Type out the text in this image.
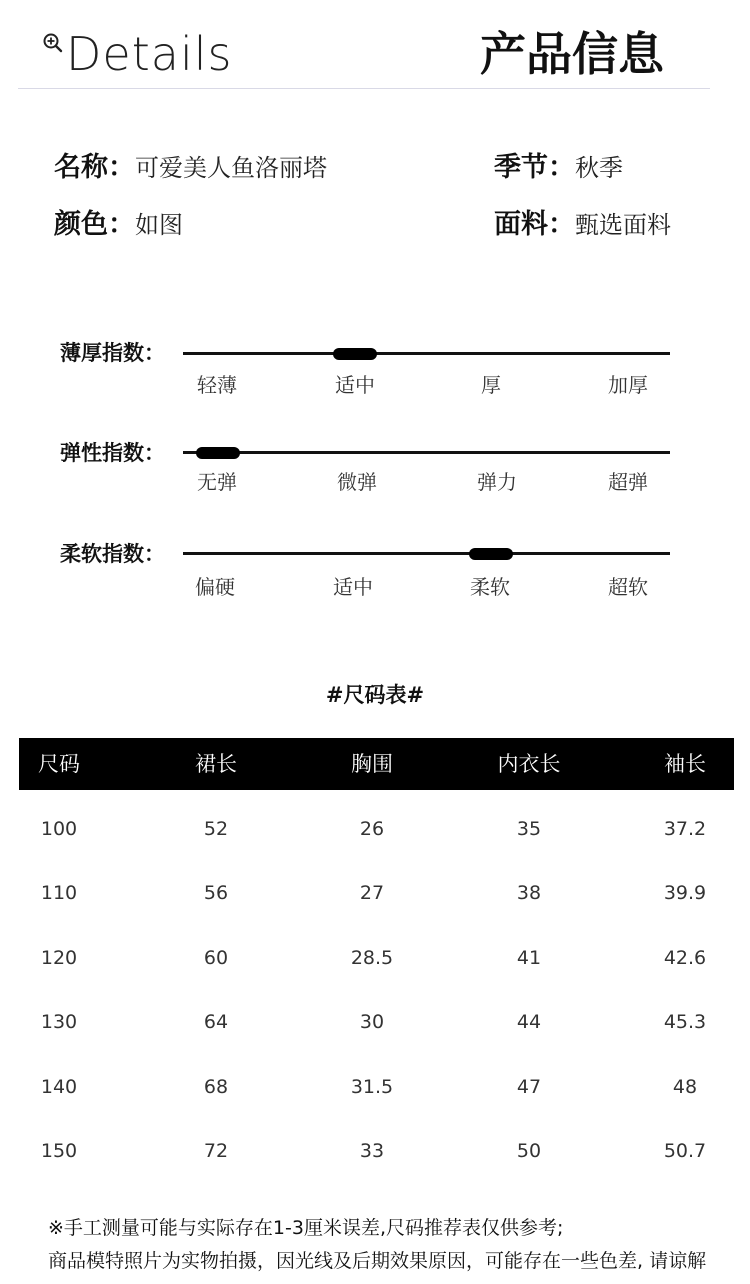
Details	产品信息
名称： 可爱美人鱼洛丽塔	季节： 秋季
颜色： 如图	面料： 甄选面料
薄厚指数：
轻薄	适中	厚	加厚
弹性指数：
无弹	微弹	弹力	超弹
柔软指数：
偏硬	适中	柔软	超软
#尺码表#
尺码	裙长	胸围	内衣长	袖长
100	52	26	35	37.2
110	56	27	38	39.9
120	60	28.5	41	42.6
130	64	30	44	45.3
140	68	31.5	47	48
150	72	33	50	50.7
※手工测量可能与实际存在1-3厘米误差,尺码推荐表仅供参考;
商品模特照片为实物拍摄，因光线及后期效果原因，可能存在一些色差, 请谅解
